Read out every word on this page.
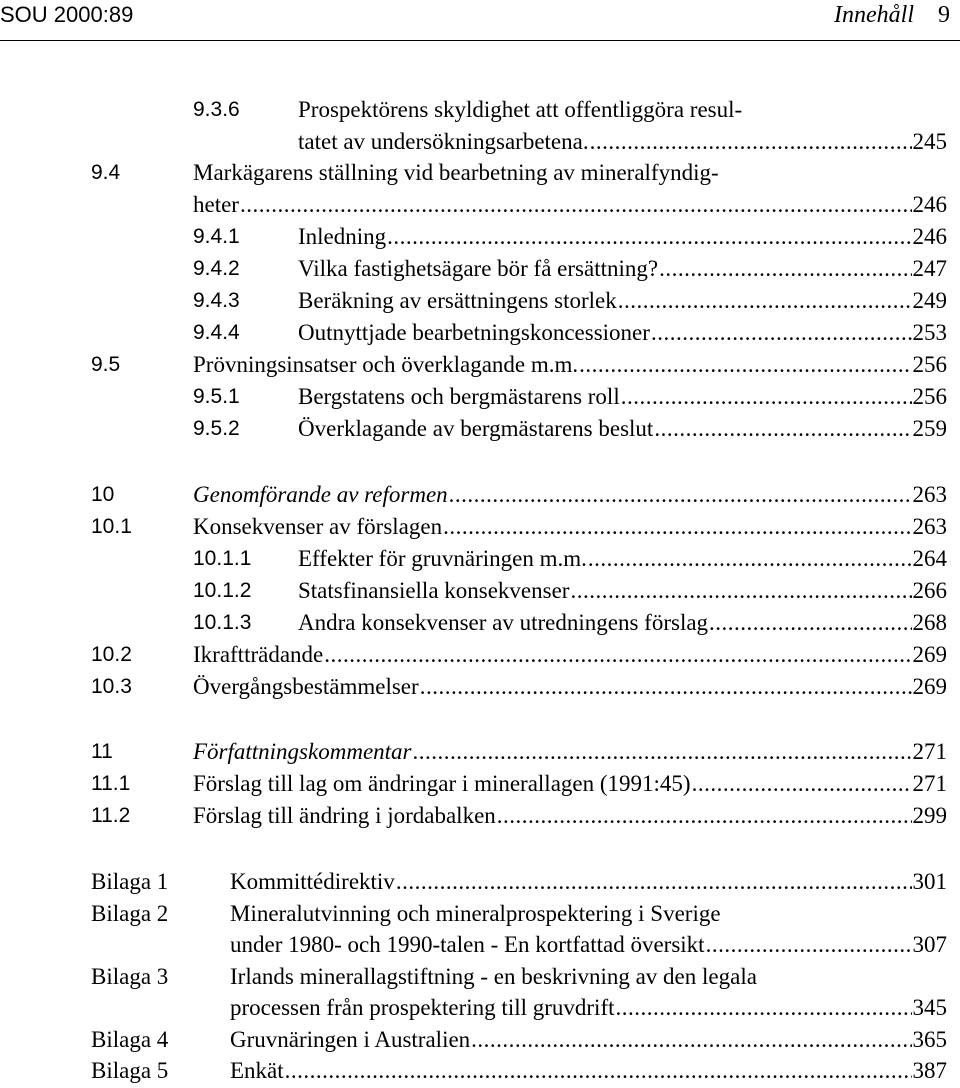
SOU 2000:89	Innehåll 9
9.3.6	Prospektörens skyldighet att offentliggöra resul-
tatet av undersökningsarbetena. .....	245
9.4	Markägarens ställning vid bearbetning av mineralfyndig-
heter .....	246
9.4.1	Inledning .....	246
9.4.2	Vilka fastighetsägare bör få ersättning? .....	247
9.4.3	Beräkning av ersättningens storlek .....	249
9.4.4	Outnyttjade bearbetningskoncessioner .....	253
9.5	Prövningsinsatser och överklagande m.m. .....	256
9.5.1	Bergstatens och bergmästarens roll .....	256
9.5.2	Överklagande av bergmästarens beslut .....	259
10	Genomförande av reformen .....	263
10.1	Konsekvenser av förslagen .....	263
10.1.1 Effekter för gruvnäringen m.m. .....	264
10.1.2 Statsfinansiella konsekvenser .....	266
10.1.3 Andra konsekvenser av utredningens förslag .....	268
10.2	Ikraftträdande .....	269
10.3	Övergångsbestämmelser .....	269
11	Författningskommentar .....	271
11.1	Förslag till lag om ändringar i minerallagen (1991:45) .....	271
11.2	Förslag till ändring i jordabalken .....	299
Bilaga 1	Kommittédirektiv .....	301
Bilaga 2	Mineralutvinning och mineralprospektering i Sverige
under 1980- och 1990-talen - En kortfattad översikt .....	307
Bilaga 3	Irlands minerallagstiftning - en beskrivning av den legala
processen från prospektering till gruvdrift .....	345
Bilaga 4	Gruvnäringen i Australien .....	365
Bilaga 5	Enkät .....	387
